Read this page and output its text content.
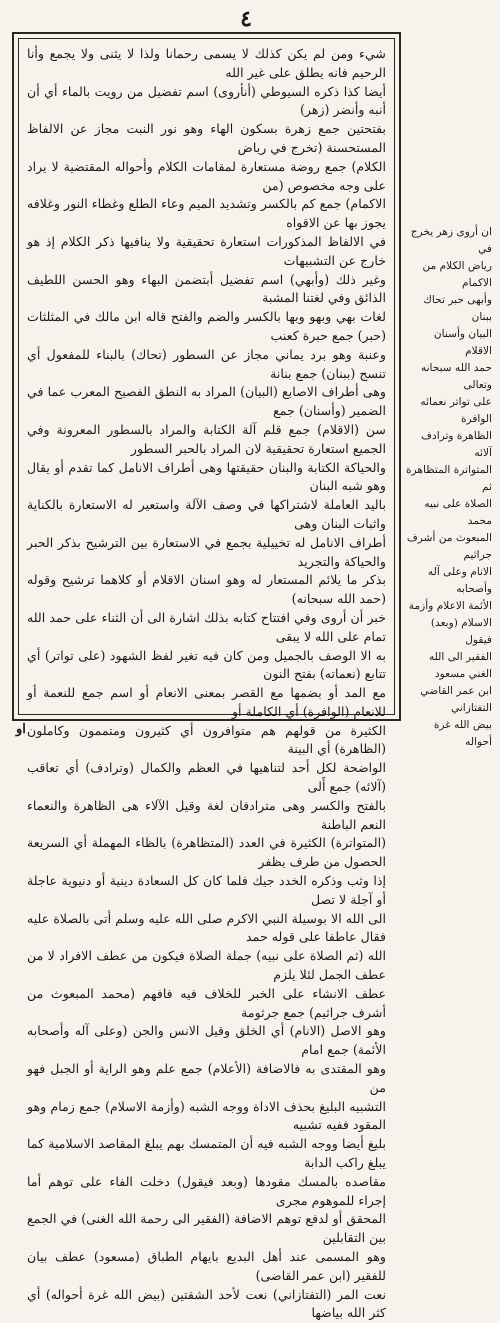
٤

شيء ومن لم يكن كذلك لا يسمى رحمانا ولذا لا يثنى ولا يجمع وأنا الرحيم فانه يطلق على غير الله

أيضا كذا ذكره السيوطي (أنأروى) اسم تفضيل من رويت بالماء أي أن أنبه وأنضر (زهر)

بفتحتين جمع زهرة بسكون الهاء وهو نور النبت مجاز عن الالفاظ المستحسنة (تخرج في رياض

الكلام) جمع روضة مستعارة لمقامات الكلام وأحواله المقتضية لا يراد على وجه مخصوص (من

الاكمام) جمع كم بالكسر وتشديد الميم وعاء الطلع وغطاء النور وغلافه يجوز بها عن الاقواه

في الالفاظ المذكورات استعارة تحقيقية ولا ينافيها ذكر الكلام إذ هو خارج عن التشبيهات

وغير ذلك (وأبهي) اسم تفضيل أبتضمن البهاء وهو الحسن اللطيف الذائق وفي لغتنا المشبة

لغات بهي وبهو وبها بالكسر والضم والفتح قاله ابن مالك في المثلثات (حبر) جمع حبرة كعنب

وعنبة وهو برد يماني مجاز عن السطور (تحاك) بالبناء للمفعول أي تنسج (ببنان) جمع بنانة

وهى أطراف الاصابع (البيان) المراد به النطق الفصيح المعرب عما في الضمير (وأسنان) جمع

سن (الاقلام) جمع قلم آلة الكتابة والمراد بالسطور المعرونة وفي الجميع استعارة تحقيقية لان المراد بالحبر السطور

والحياكة الكتابة والبنان حقيقتها وهى أطراف الانامل كما تقدم أو يقال وهو شبه البنان

باليد العاملة لاشتراكها في وصف الآلة واستعير له الاستعارة بالكناية واثبات البنان وهى

أطراف الانامل له تخييلية بجمع في الاستعارة بين الترشيح بذكر الحبر والحياكة والتجريد

بذكر ما يلائم المستعار له وهو اسنان الاقلام أو كلاهما ترشيح وقوله (حمد الله سبحانه)

خبر أن أروى وفي افتتاح كتابه بذلك اشارة الى أن الثناء على حمد الله تمام على الله لا يبقى

به الا الوصف بالجميل ومن كان فيه تغير لفظ الشهود (على تواتر) أي تتابع (نعماته) بفتح النون

مع المد أو بضمها مع القصر بمعنى الانعام أو اسم جمع للنعمة أو للانعام (الوافرة) أي الكاملة أو

الكثيرة من قولهم هم متوافرون أي كثيرون ومتممون وكاملون (الظاهرة) أي البينة

الواضحة لكل أحد لتناهيها في العظم والكمال (وترادف) أي تعاقب (آلائه) جمع أَلى

بالفتح والكسر وهى مترادفان لغة وقيل الآلاء هى الظاهرة والنعماء النعم الباطنة

(المتواترة) الكثيرة في العدد (المتظاهرة) بالظاء المهملة أي السريعة الحصول من طرف يظفر

إذا وثب وذكره الخدد جيك فلما كان كل السعادة دينية أو دنيوية عاجلة أو آجلة لا تصل

الى الله الا بوسيلة النبي الاكرم صلى الله عليه وسلم أتى بالصلاة عليه فقال عاطفا على قوله حمد

الله (ثم الصلاة على نبيه) جملة الصلاة فيكون من عطف الافراد لا من عطف الجمل لئلا يلزم

عطف الانشاء على الخبر للخلاف فيه فافهم (محمد المبعوث من أشرف جراثيم) جمع جرثومة

وهو الاصل (الانام) أي الخلق وقيل الانس والجن (وعلى آله وأصحابه الأئمة) جمع امام

وهو المقتدى به فالاضافة (الأعلام) جمع علم وهو الراية أو الجبل فهو من

التشبيه البليغ بحذف الاداة ووجه الشبه (وأزمة الاسلام) جمع زمام وهو المقود ففيه تشبيه

بليغ أيضا ووجه الشبه فيه أن المتمسك بهم يبلغ المقاصد الاسلامية كما يبلغ راكب الدابة

مقاصده بالمسك مقودها (وبعد فيقول) دخلت الفاء على توهم أما إجراء للموهوم مجرى

المحقق أو لدفع توهم الاضافة (الفقير الى رحمة الله الغنى) في الجمع بين التقابلين

وهو المسمى عند أهل البديع بايهام الطباق (مسعود) عطف بيان للفقير (ابن عمر القاضى)

نعت المر (التفتازاني) نعت لأحد الشقتين (بيض الله غرة أحواله) أي كثر الله بياضها

ان أروى زهر يخرج في

رياض الكلام من الاكمام

وأبهى حبر تحاك ببنان

البيان وأسنان الاقلام

حمد الله سبحانه وتعالى

على تواتر نعمائه الوافرة

الظاهرة وترادف آلائه

المتواترة المتظاهرة ثم

الصلاة على نبيه محمد

المبعوث من أشرف جراثيم

الانام وعلى آله وأصحابه

الأئمة الاعلام وأزمة

الاسلام (وبعد) فيقول

الفقير الى الله الغني مسعود

ابن عمر القاضي التفتازاني

بيض الله غرة أحواله

او
